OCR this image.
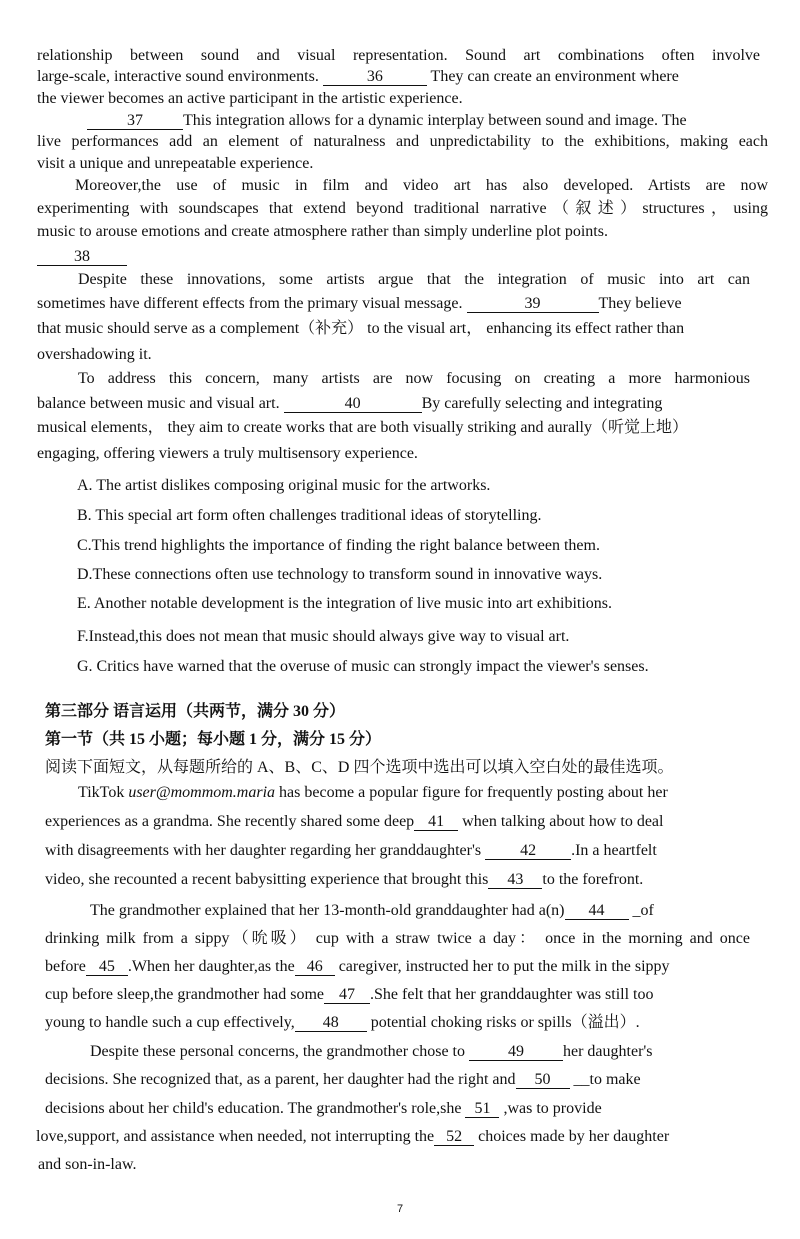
relationship between sound and visual representation. Sound art combinations often involve
large-scale, interactive sound environments.	36	They can create an environment where
the viewer becomes an active participant in the artistic experience.
37	This integration allows for a dynamic interplay between sound and image. The
live performances add an element of naturalness and unpredictability to the exhibitions, making each
visit a unique and unrepeatable experience.
Moreover,the use of music in film and video art has also developed. Artists are now
experimenting with soundscapes that extend beyond traditional narrative（叙述）structures，using
music to arouse emotions and create atmosphere rather than simply underline plot points.
38
Despite these innovations, some artists argue that the integration of music into art can
sometimes have different effects from the primary visual message.	39	They believe
that music should serve as a complement（补充） to the visual art， enhancing its effect rather than
overshadowing it.
To address this concern, many artists are now focusing on creating a more harmonious
balance between music and visual art.	40	By carefully selecting and integrating
musical elements， they aim to create works that are both visually striking and aurally（听觉上地）
engaging, offering viewers a truly multisensory experience.
A. The artist dislikes composing original music for the artworks.
B. This special art form often challenges traditional ideas of storytelling.
C.This trend highlights the importance of finding the right balance between them.
D.These connections often use technology to transform sound in innovative ways.
E. Another notable development is the integration of live music into art exhibitions.
F.Instead,this does not mean that music should always give way to visual art.
G. Critics have warned that the overuse of music can strongly impact the viewer's senses.
第三部分 语言运用（共两节，满分 30 分）
第一节（共 15 小题；每小题 1 分，满分 15 分）
阅读下面短文，从每题所给的 A、B、C、D 四个选项中选出可以填入空白处的最佳选项。
TikTok user@mommom.maria has become a popular figure for frequently posting about her
experiences as a grandma. She recently shared some deep 41 when talking about how to deal
with disagreements with her daughter regarding her granddaughter's 42 .In a heartfelt
video, she recounted a recent babysitting experience that brought this 43 to the forefront.
The grandmother explained that her 13-month-old granddaughter had a(n) 44 _of
drinking milk from a sippy（吮吸） cup with a straw twice a day： once in the morning and once
before 45 .When her daughter,as the 46 caregiver, instructed her to put the milk in the sippy
cup before sleep,the grandmother had some 47 .She felt that her granddaughter was still too
young to handle such a cup effectively, 48 potential choking risks or spills（溢出）.
Despite these personal concerns, the grandmother chose to 49 her daughter's
decisions. She recognized that, as a parent, her daughter had the right and 50 __to make
decisions about her child's education. The grandmother's role,she 51 ,was to provide
love,support, and assistance when needed, not interrupting the 52 choices made by her daughter
and son-in-law.
7
